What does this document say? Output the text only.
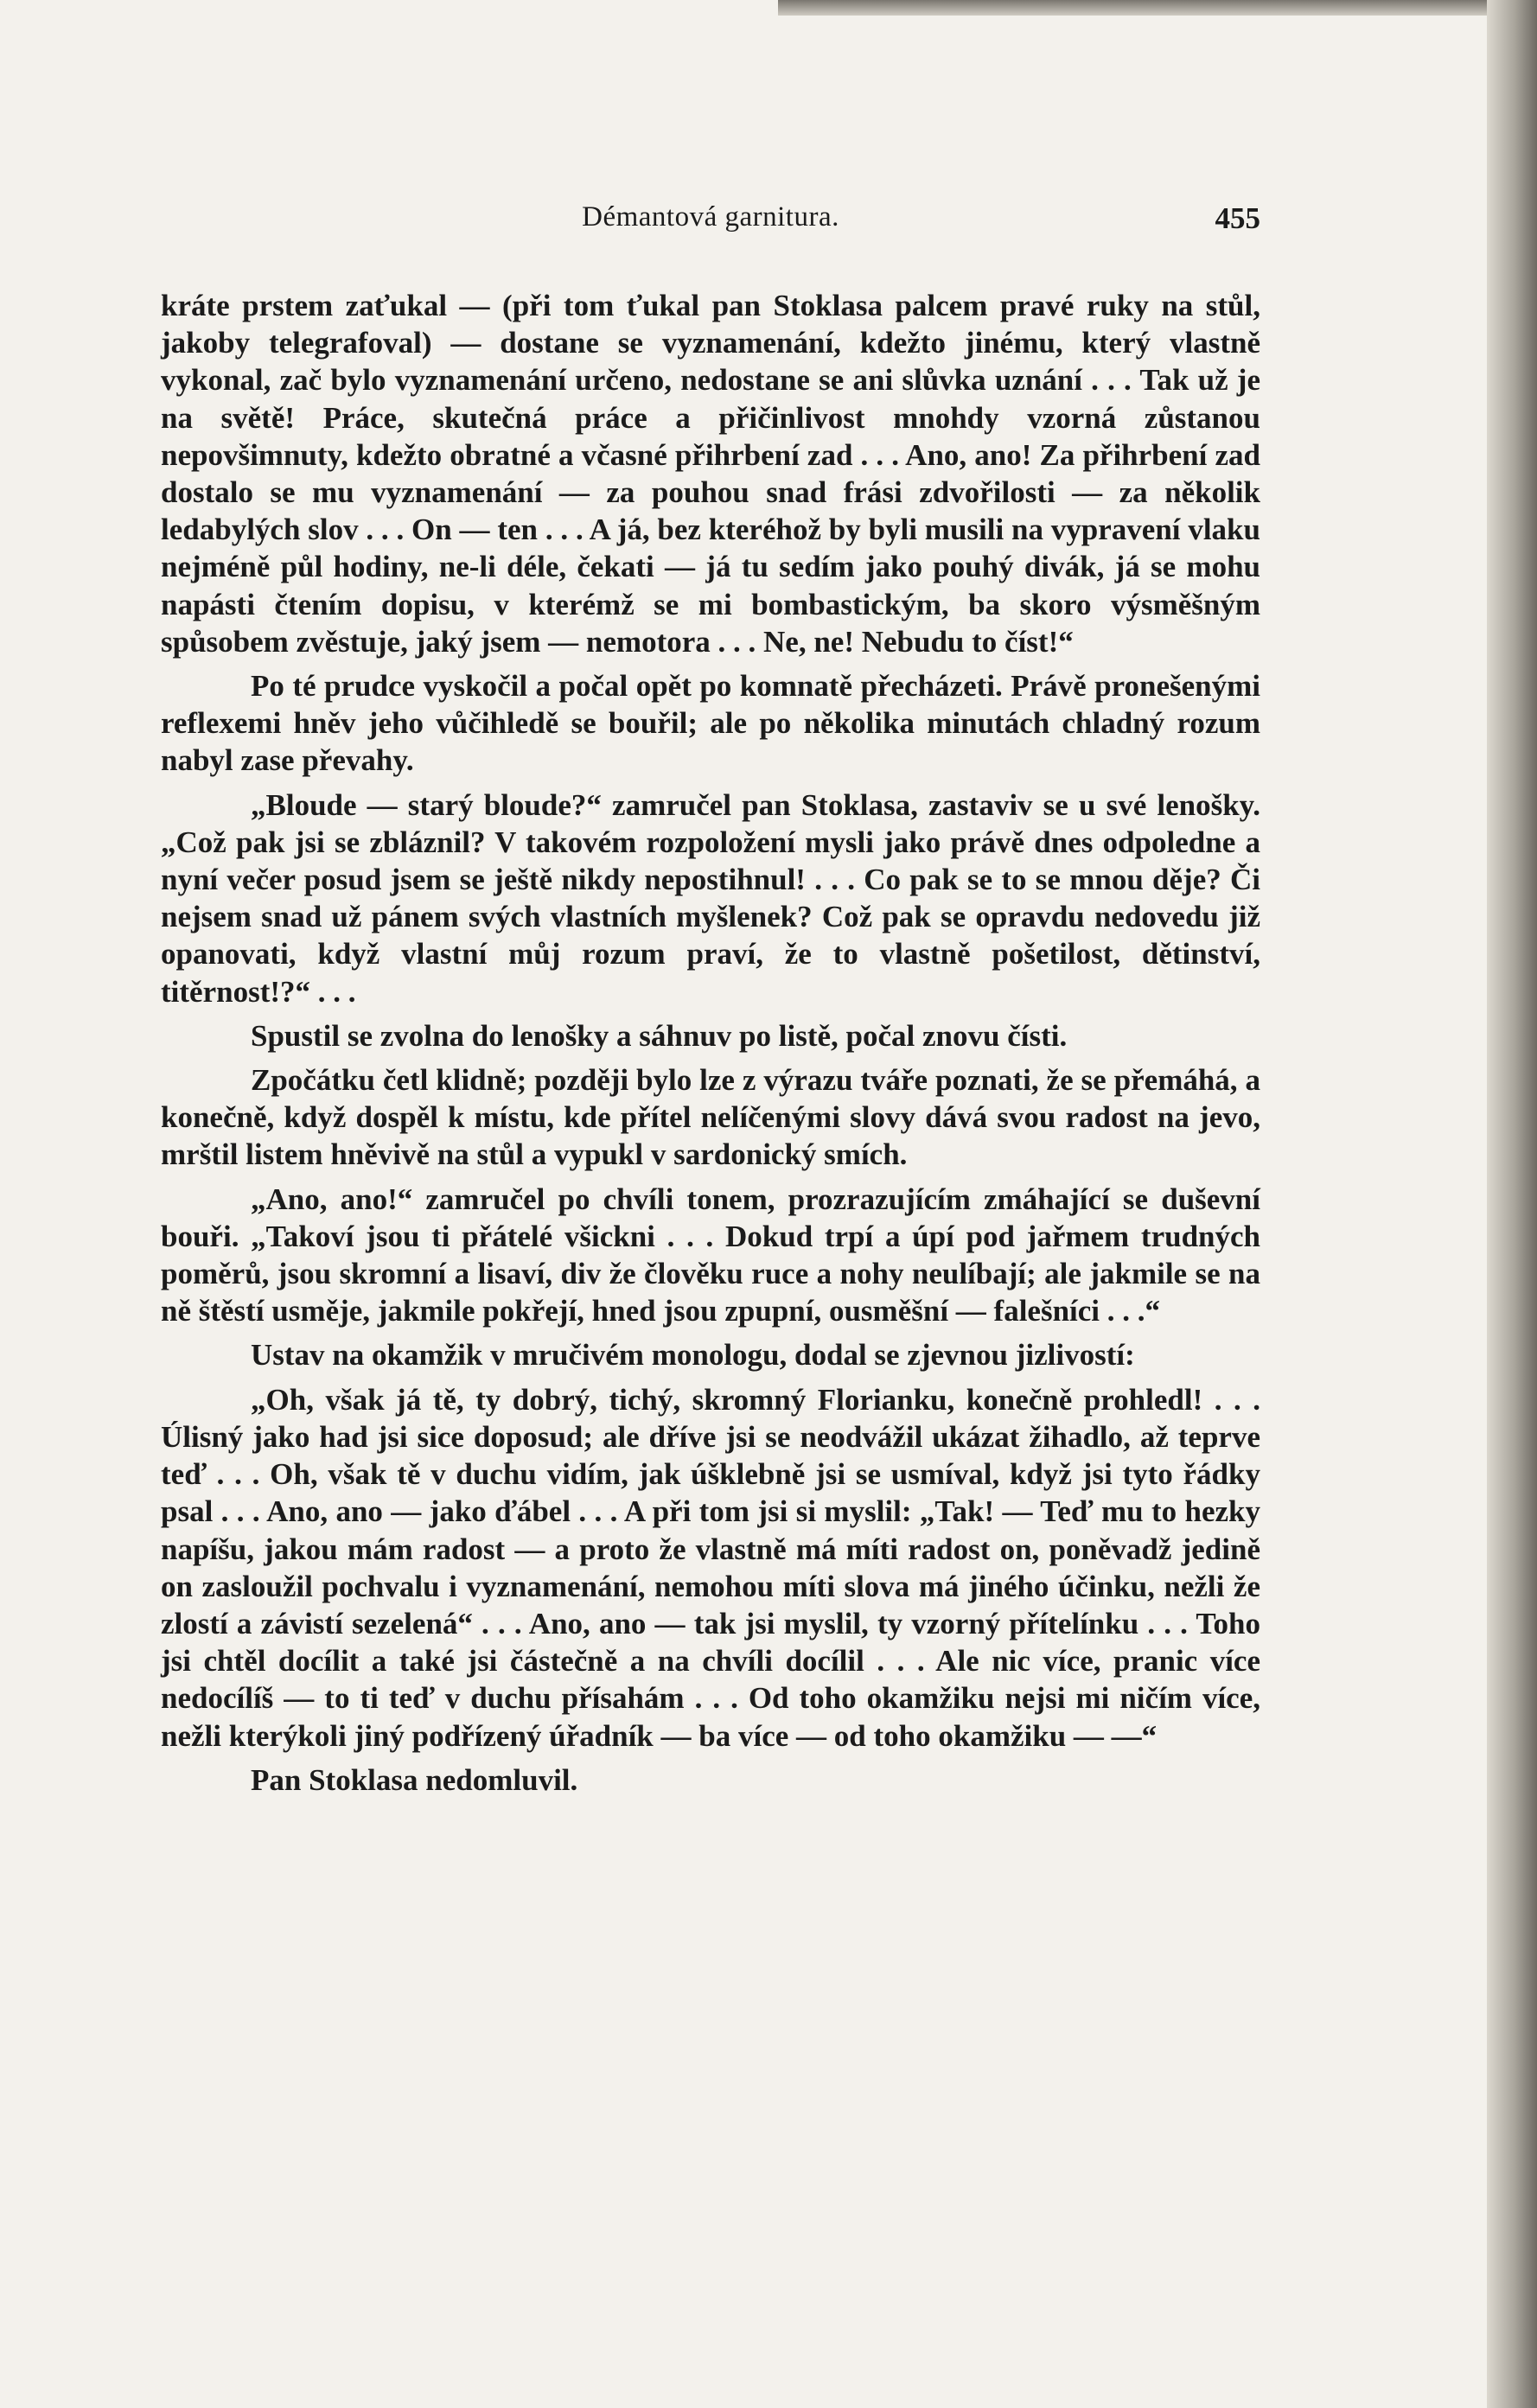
Démantová garnitura.	455

kráte prstem zaťukal — (při tom ťukal pan Stoklasa palcem pravé ruky na stůl, jakoby telegrafoval) — dostane se vyznamenání, kdežto jinému, který vlastně vykonal, zač bylo vyznamenání určeno, nedostane se ani slůvka uznání . . . Tak už je na světě! Práce, skutečná práce a přičinlivost mnohdy vzorná zůstanou nepovšimnuty, kdežto obratné a včasné přihrbení zad . . . Ano, ano! Za přihrbení zad dostalo se mu vyznamenání — za pouhou snad frási zdvořilosti — za několik ledabylých slov . . . On — ten . . . A já, bez kteréhož by byli musili na vypravení vlaku nejméně půl hodiny, ne-li déle, čekati — já tu sedím jako pouhý divák, já se mohu napásti čtením dopisu, v kterémž se mi bombastickým, ba skoro výsměšným spůsobem zvěstuje, jaký jsem — nemotora . . . Ne, ne! Nebudu to číst!“

Po té prudce vyskočil a počal opět po komnatě přecházeti. Právě pronešenými reflexemi hněv jeho vůčihledě se bouřil; ale po několika minutách chladný rozum nabyl zase převahy.

„Bloude — starý bloude?“ zamručel pan Stoklasa, zastaviv se u své lenošky. „Což pak jsi se zbláznil? V takovém rozpoložení mysli jako právě dnes odpoledne a nyní večer posud jsem se ještě nikdy nepostihnul! . . . Co pak se to se mnou děje? Či nejsem snad už pánem svých vlastních myšlenek? Což pak se opravdu nedovedu již opanovati, když vlastní můj rozum praví, že to vlastně pošetilost, dětinství, titěrnost!?“ . . .

Spustil se zvolna do lenošky a sáhnuv po listě, počal znovu čísti.

Zpočátku četl klidně; později bylo lze z výrazu tváře poznati, že se přemáhá, a konečně, když dospěl k místu, kde přítel nelíčenými slovy dává svou radost na jevo, mrštil listem hněvivě na stůl a vypukl v sardonický smích.

„Ano, ano!“ zamručel po chvíli tonem, prozrazujícím zmáhající se duševní bouři. „Takoví jsou ti přátelé všickni . . . Dokud trpí a úpí pod jařmem trudných poměrů, jsou skromní a lisaví, div že člověku ruce a nohy neulíbají; ale jakmile se na ně štěstí usměje, jakmile pokřejí, hned jsou zpupní, ousměšní — falešníci . . .“

Ustav na okamžik v mručivém monologu, dodal se zjevnou jizlivostí:

„Oh, však já tě, ty dobrý, tichý, skromný Florianku, konečně prohledl! . . . Úlisný jako had jsi sice doposud; ale dříve jsi se neodvážil ukázat žihadlo, až teprve teď . . . Oh, však tě v duchu vidím, jak úšklebně jsi se usmíval, když jsi tyto řádky psal . . . Ano, ano — jako ďábel . . . A při tom jsi si myslil: „Tak! — Teď mu to hezky napíšu, jakou mám radost — a proto že vlastně má míti radost on, poněvadž jedině on zasloužil pochvalu i vyznamenání, nemohou míti slova má jiného účinku, nežli že zlostí a závistí sezelená“ . . . Ano, ano — tak jsi myslil, ty vzorný přítelínku . . . Toho jsi chtěl docílit a také jsi částečně a na chvíli docílil . . . Ale nic více, pranic více nedocílíš — to ti teď v duchu přísahám . . . Od toho okamžiku nejsi mi ničím více, nežli kterýkoli jiný podřízený úřadník — ba více — od toho okamžiku — —“

Pan Stoklasa nedomluvil.
